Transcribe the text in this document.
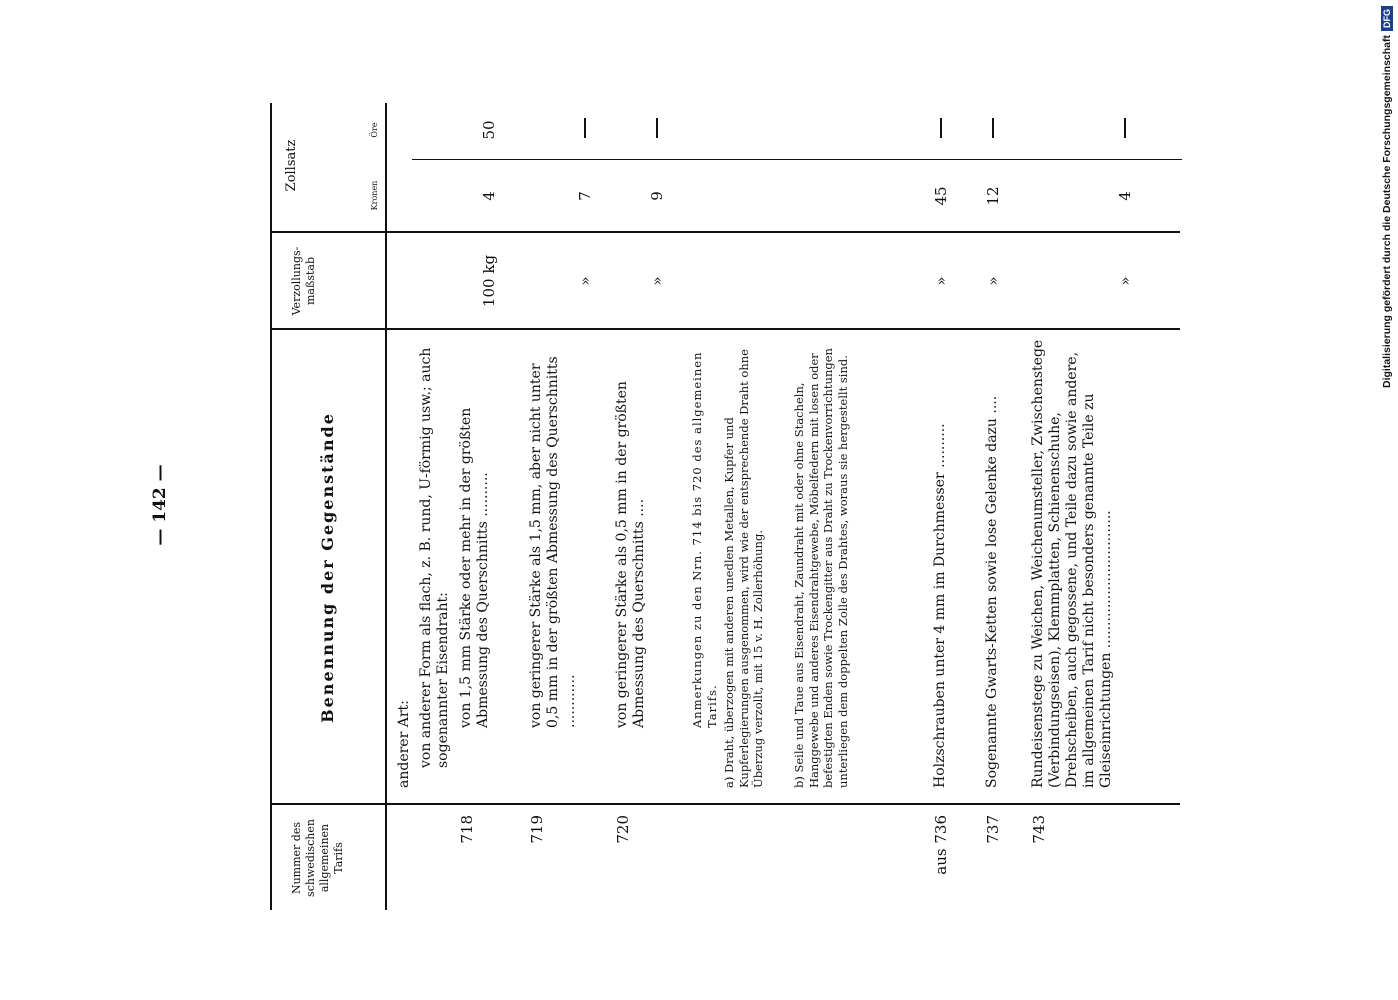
— 142 —
Nummer des schwedischen allgemeinen Tarifs
Benennung der Gegenstände
Verzollungs- maßstab
Zollsatz
Kronen
Öre
anderer Art: von anderer Form als flach, z. B. rund, U-förmig usw.; auch sogenannter Eisendraht:
718
von 1,5 mm Stärke oder mehr in der größten Abmessung des Querschnitts ..........
100 kg
4
50
719
von geringerer Stärke als 1,5 mm, aber nicht unter 0,5 mm in der größten Abmessung des Querschnitts ............
»
7
720
von geringerer Stärke als 0,5 mm in der größten Abmessung des Querschnitts ....
»
9
Anmerkungen zu den Nrn. 714 bis 720 des allgemeinen Tarifs. a) Draht, überzogen mit anderen unedlen Metallen, Kupfer und Kupferlegierungen ausgenommen, wird wie der entsprechende Draht ohne Überzug verzollt, mit 15 v. H. Zollerhöhung. b) Seile und Taue aus Eisendraht, Zaundraht mit oder ohne Stacheln, Hanggewebe und anderes Eisendrahtgewebe, Möbelfedern mit losen oder befestigten Enden sowie Trockengitter aus Draht zu Trockenvorrichtungen unterliegen dem doppelten Zolle des Drahtes, woraus sie hergestellt sind.
aus 736
Holzschrauben unter 4 mm im Durchmesser ..........
»
45
737
Sogenannte Gwarts-Ketten sowie lose Gelenke dazu ....
»
12
743
Rundeisenstege zu Weichen, Weichenumsteller, Zwischenstege (Verbindungseisen), Klemmplatten, Schienenschuhe, Drehscheiben, auch gegossene, und Teile dazu sowie andere, im allgemeinen Tarif nicht besonders genannte Teile zu Gleiseinrichtungen ...............................
»
4	Digitalisierung gefördert durch die Deutsche Forschungsgemeinschaft
DFG
